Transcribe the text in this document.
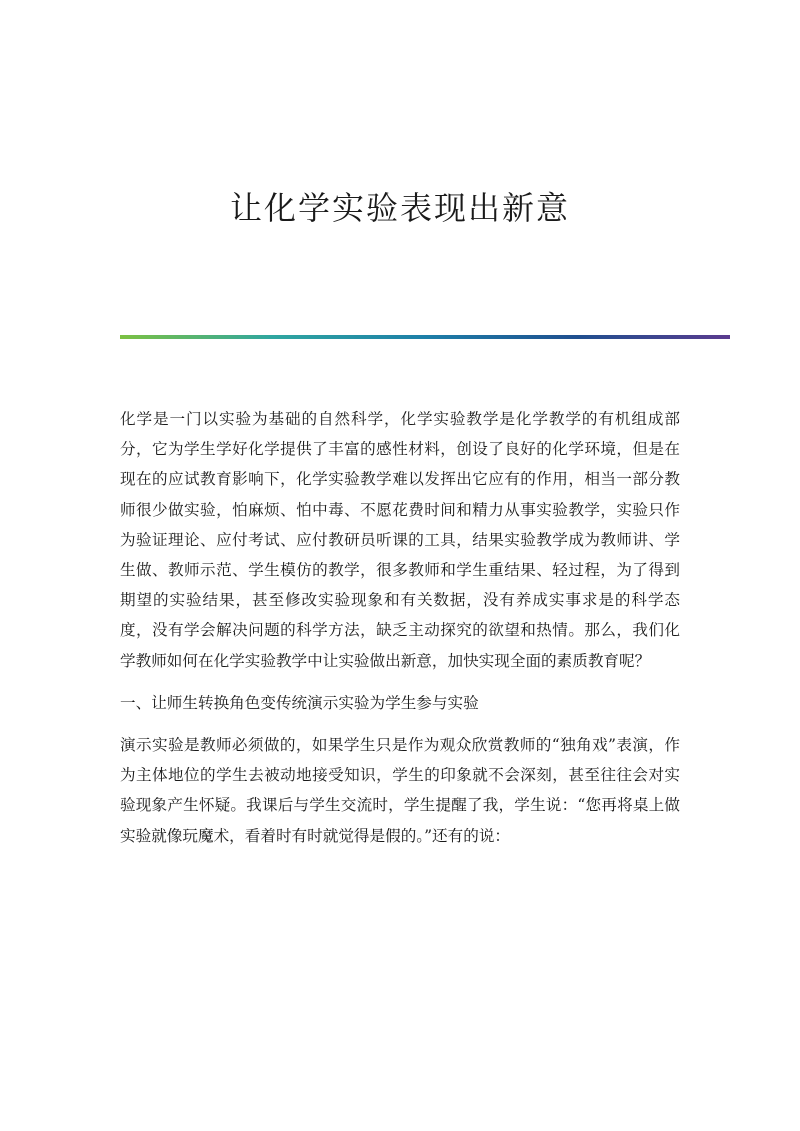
让化学实验表现出新意

化学是一门以实验为基础的自然科学，化学实验教学是化学教学的有机组成部分，它为学生学好化学提供了丰富的感性材料，创设了良好的化学环境，但是在现在的应试教育影响下，化学实验教学难以发挥出它应有的作用，相当一部分教师很少做实验，怕麻烦、怕中毒、不愿花费时间和精力从事实验教学，实验只作为验证理论、应付考试、应付教研员听课的工具，结果实验教学成为教师讲、学生做、教师示范、学生模仿的教学，很多教师和学生重结果、轻过程，为了得到期望的实验结果，甚至修改实验现象和有关数据，没有养成实事求是的科学态度，没有学会解决问题的科学方法，缺乏主动探究的欲望和热情。那么，我们化学教师如何在化学实验教学中让实验做出新意，加快实现全面的素质教育呢？

一、让师生转换角色变传统演示实验为学生参与实验

演示实验是教师必须做的，如果学生只是作为观众欣赏教师的“独角戏”表演，作为主体地位的学生去被动地接受知识，学生的印象就不会深刻，甚至往往会对实验现象产生怀疑。我课后与学生交流时，学生提醒了我，学生说：“您再将桌上做实验就像玩魔术，看着时有时就觉得是假的。”还有的说：
